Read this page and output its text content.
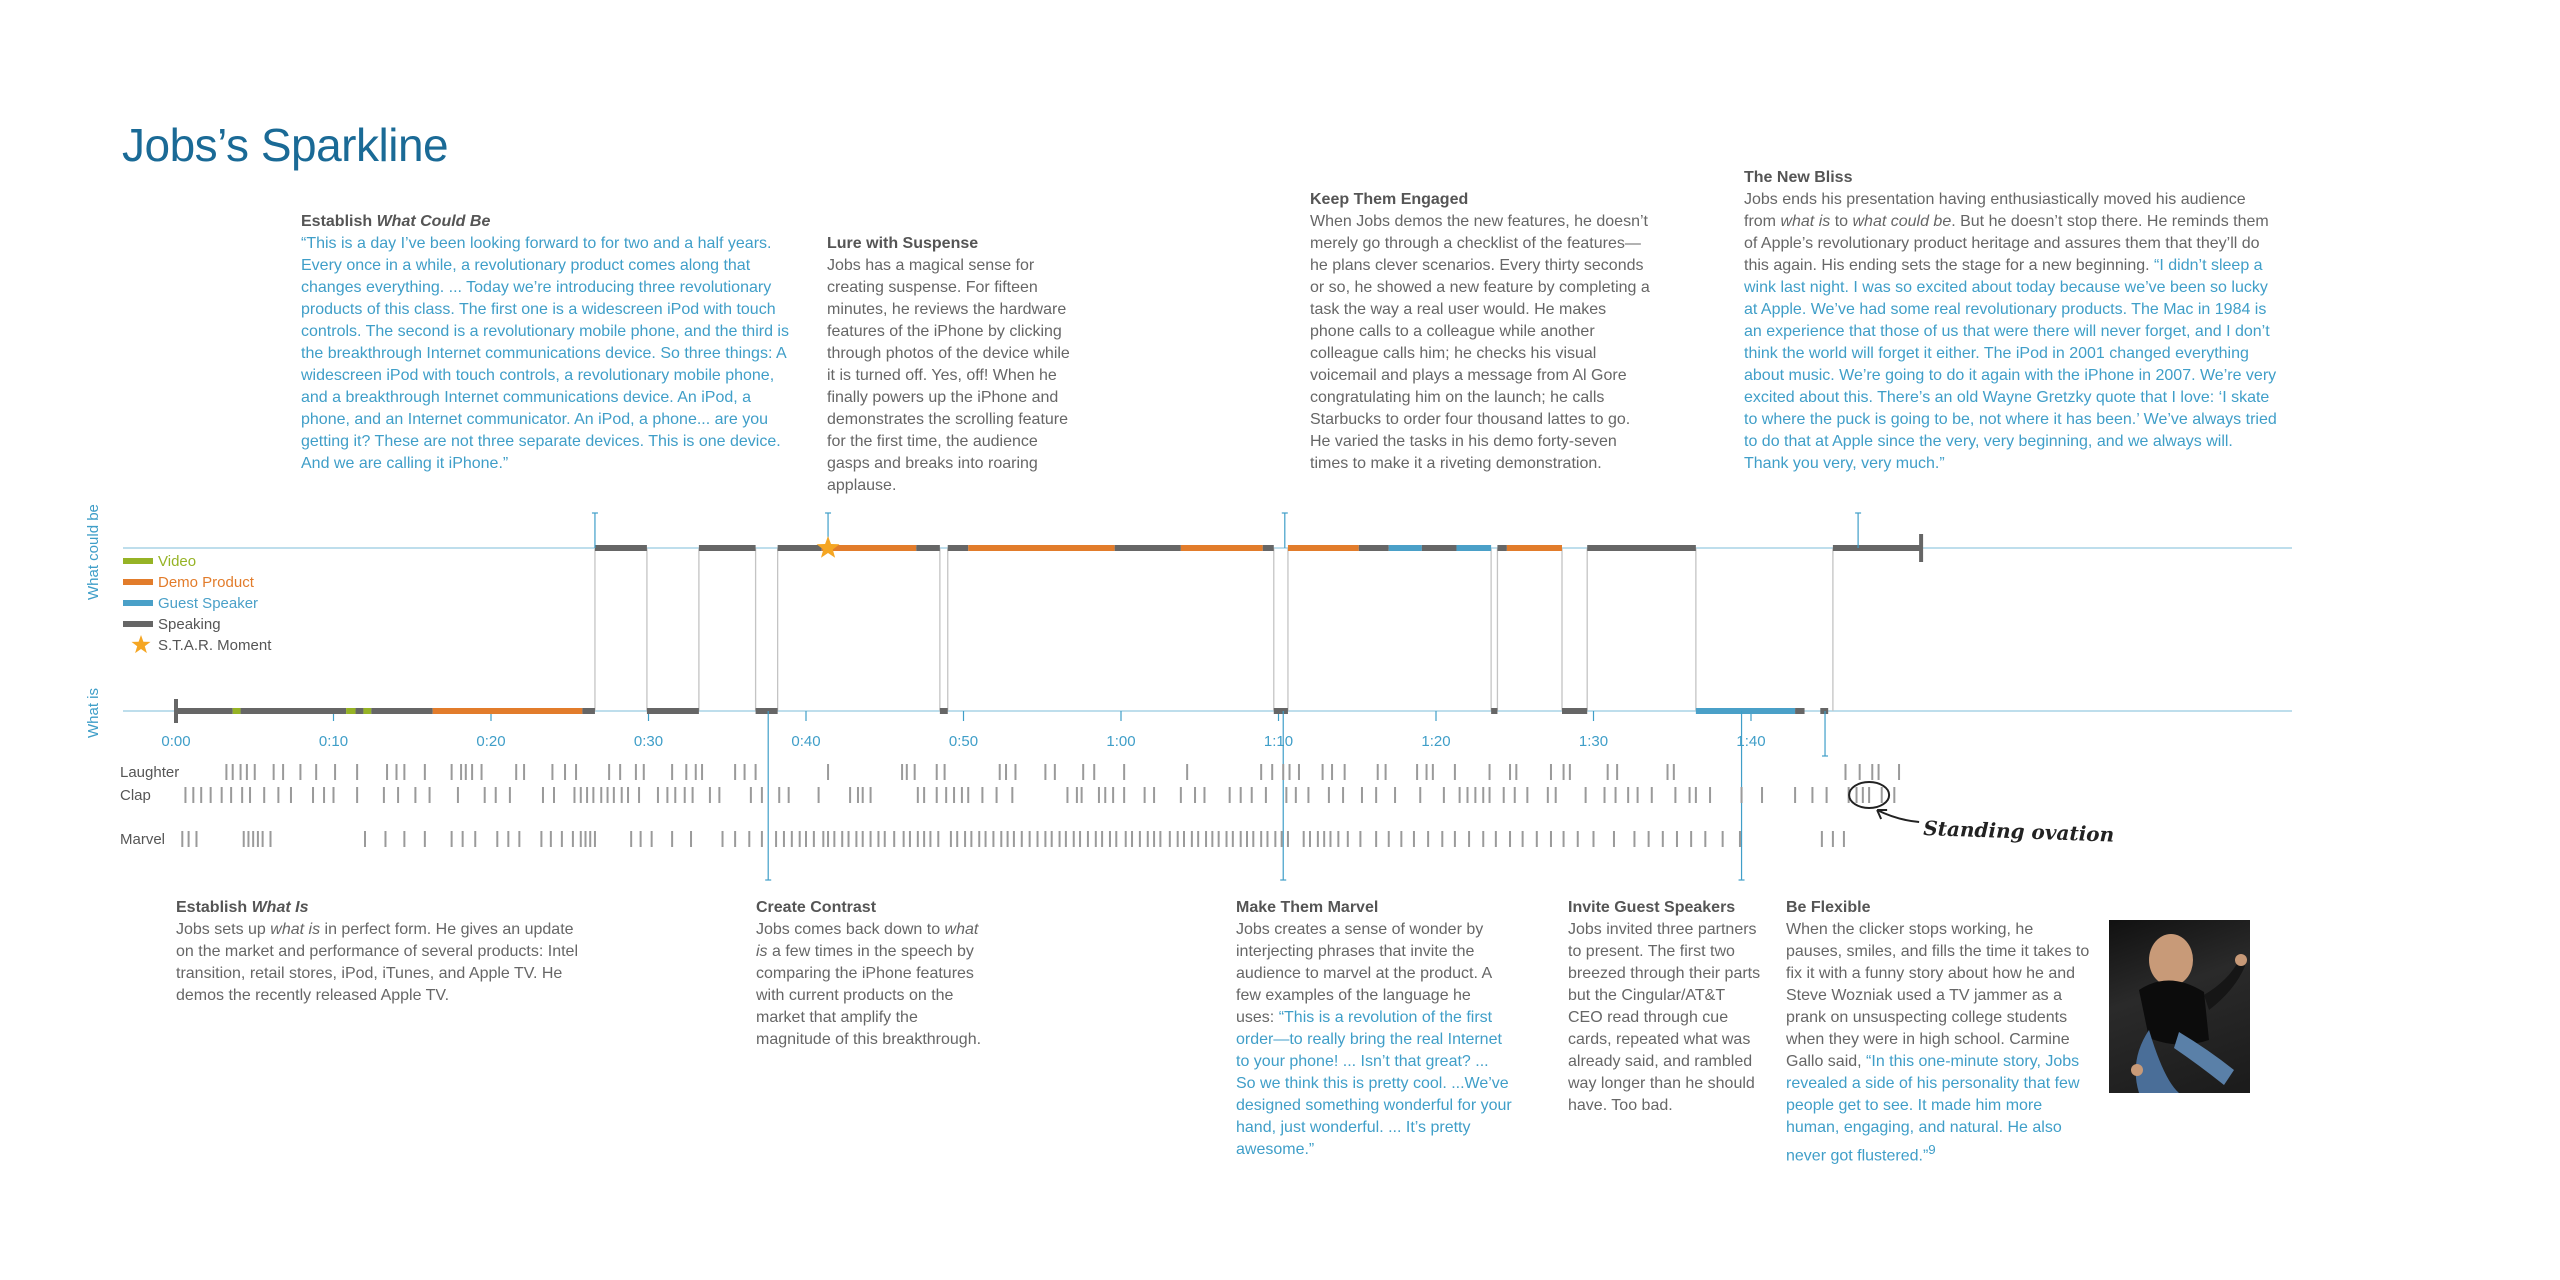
What could be
What is
0:00	0:10	0:20	0:30	0:40	0:50	1:00	1:10	1:20	1:30	1:40
Video
Demo Product
Guest Speaker
Speaking
S.T.A.R. Moment
Laughter
Clap
Marvel	Standing ovation
Jobs’s Sparkline
Establish What Could Be
“This is a day I’ve been looking forward to for two and a half years. Every once in a while, a revolutionary product comes along that changes everything. ... Today we’re introducing three revolutionary products of this class. The first one is a widescreen iPod with touch controls. The second is a revolutionary mobile phone, and the third is the breakthrough Internet communications device. So three things: A widescreen iPod with touch controls, a revolutionary mobile phone, and a breakthrough Internet communications device. An iPod, a phone, and an Internet communicator. An iPod, a phone... are you getting it? These are not three separate devices. This is one device. And we are calling it iPhone.”
Lure with Suspense
Jobs has a magical sense for creating suspense. For fifteen minutes, he reviews the hardware features of the iPhone by clicking through photos of the device while it is turned off. Yes, off! When he finally powers up the iPhone and demonstrates the scrolling feature for the first time, the audience gasps and breaks into roaring applause.
Keep Them Engaged
When Jobs demos the new features, he doesn’t merely go through a checklist of the features—he plans clever scenarios. Every thirty seconds or so, he showed a new feature by completing a task the way a real user would. He makes phone calls to a colleague while another colleague calls him; he checks his visual voicemail and plays a message from Al Gore congratulating him on the launch; he calls Starbucks to order four thousand lattes to go. He varied the tasks in his demo forty-seven times to make it a riveting demonstration.
The New Bliss
Jobs ends his presentation having enthusiastically moved his audience from what is to what could be. But he doesn’t stop there. He reminds them of Apple’s revolutionary product heritage and assures them that they’ll do this again. His ending sets the stage for a new beginning. “I didn’t sleep a wink last night. I was so excited about today because we’ve been so lucky at Apple. We’ve had some real revolutionary products. The Mac in 1984 is an experience that those of us that were there will never forget, and I don’t think the world will forget it either. The iPod in 2001 changed everything about music. We’re going to do it again with the iPhone in 2007. We’re very excited about this. There’s an old Wayne Gretzky quote that I love: ‘I skate to where the puck is going to be, not where it has been.’ We’ve always tried to do that at Apple since the very, very beginning, and we always will. Thank you very, very much.”
Establish What Is
Jobs sets up what is in perfect form. He gives an update on the market and performance of several products: Intel transition, retail stores, iPod, iTunes, and Apple TV. He demos the recently released Apple TV.
Create Contrast
Jobs comes back down to what is a few times in the speech by comparing the iPhone features with current products on the market that amplify the magnitude of this breakthrough.
Make Them Marvel
Jobs creates a sense of wonder by interjecting phrases that invite the audience to marvel at the product. A few examples of the language he uses: “This is a revolution of the first order—to really bring the real Internet to your phone! ... Isn’t that great? ... So we think this is pretty cool. ...We’ve designed something wonderful for your hand, just wonderful. ... It’s pretty awesome.”
Invite Guest Speakers
Jobs invited three partners to present. The first two breezed through their parts but the Cingular/AT&T CEO read through cue cards, repeated what was already said, and rambled way longer than he should have. Too bad.
Be Flexible
When the clicker stops working, he pauses, smiles, and fills the time it takes to fix it with a funny story about how he and Steve Wozniak used a TV jammer as a prank on unsuspecting college students when they were in high school. Carmine Gallo said, “In this one-minute story, Jobs revealed a side of his personality that few people get to see. It made him more human, engaging, and natural. He also never got flustered.”$^9$
